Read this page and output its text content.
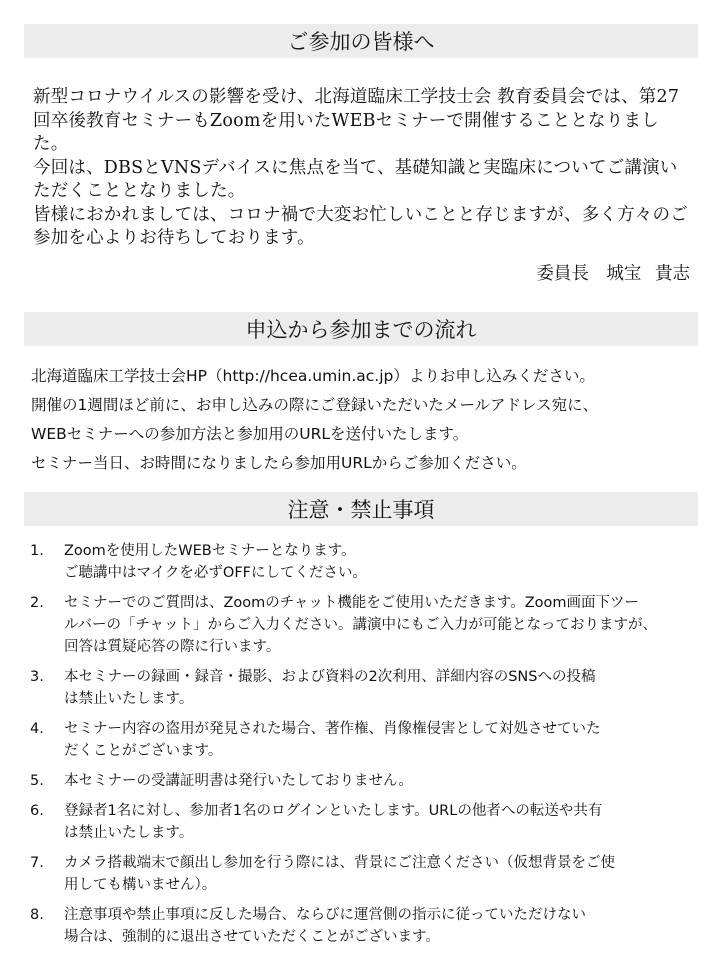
ご参加の皆様へ

新型コロナウイルスの影響を受け、北海道臨床工学技士会 教育委員会では、第27回卒後教育セミナーもZoomを用いたWEBセミナーで開催することとなりました。

今回は、DBSとVNSデバイスに焦点を当て、基礎知識と実臨床についてご講演いただくこととなりました。

皆様におかれましては、コロナ禍で大変お忙しいことと存じますが、多く方々のご参加を心よりお待ちしております。

委員長　城宝 貴志
申込から参加までの流れ

北海道臨床工学技士会HP（http://hcea.umin.ac.jp）よりお申し込みください。

開催の1週間ほど前に、お申し込みの際にご登録いただいたメールアドレス宛に、

WEBセミナーへの参加方法と参加用のURLを送付いたします。

セミナー当日、お時間になりましたら参加用URLからご参加ください。

注意・禁止事項
1.	Zoomを使用したWEBセミナーとなります。
ご聴講中はマイクを必ずOFFにしてください。
2.	セミナーでのご質問は、Zoomのチャット機能をご使用いただきます。Zoom画面下ツー
ルバーの「チャット」からご入力ください。講演中にもご入力が可能となっておりますが、
回答は質疑応答の際に行います。
3.	本セミナーの録画・録音・撮影、および資料の2次利用、詳細内容のSNSへの投稿
は禁止いたします。
4.	セミナー内容の盗用が発見された場合、著作権、肖像権侵害として対処させていた
だくことがございます。
5.	本セミナーの受講証明書は発行いたしておりません。
6.	登録者1名に対し、参加者1名のログインといたします。URLの他者への転送や共有
は禁止いたします。
7.	カメラ搭載端末で顔出し参加を行う際には、背景にご注意ください（仮想背景をご使
用しても構いません）。
8.	注意事項や禁止事項に反した場合、ならびに運営側の指示に従っていただけない
場合は、強制的に退出させていただくことがございます。
